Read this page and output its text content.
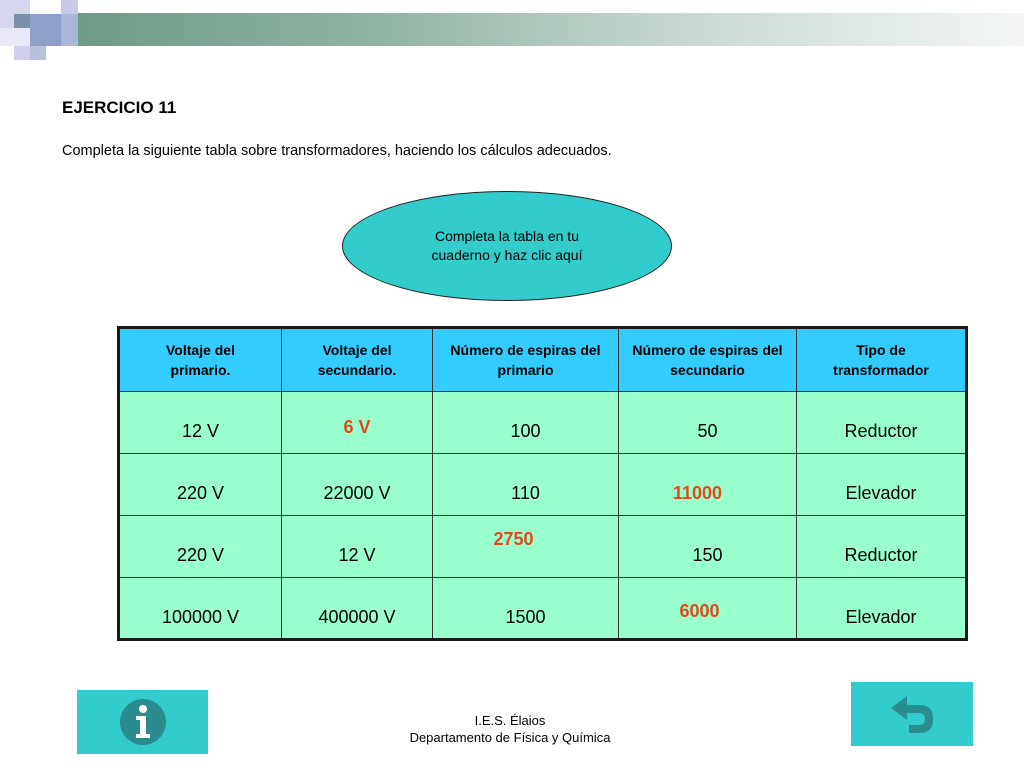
EJERCICIO 11
Completa la siguiente tabla sobre transformadores, haciendo los cálculos adecuados.
Completa la tabla en tu cuaderno y haz clic aquí
Voltaje del primario.	Voltaje del secundario.	Número de espiras del primario	Número de espiras del secundario	Tipo de transformador
12 V	6 V	100	50	Reductor
220 V	22000 V	110	11000	Elevador
220 V	12 V	2750	150	Reductor
100000 V	400000 V	1500	6000	Elevador
I.E.S. Élaios
Departamento de Física y Química
